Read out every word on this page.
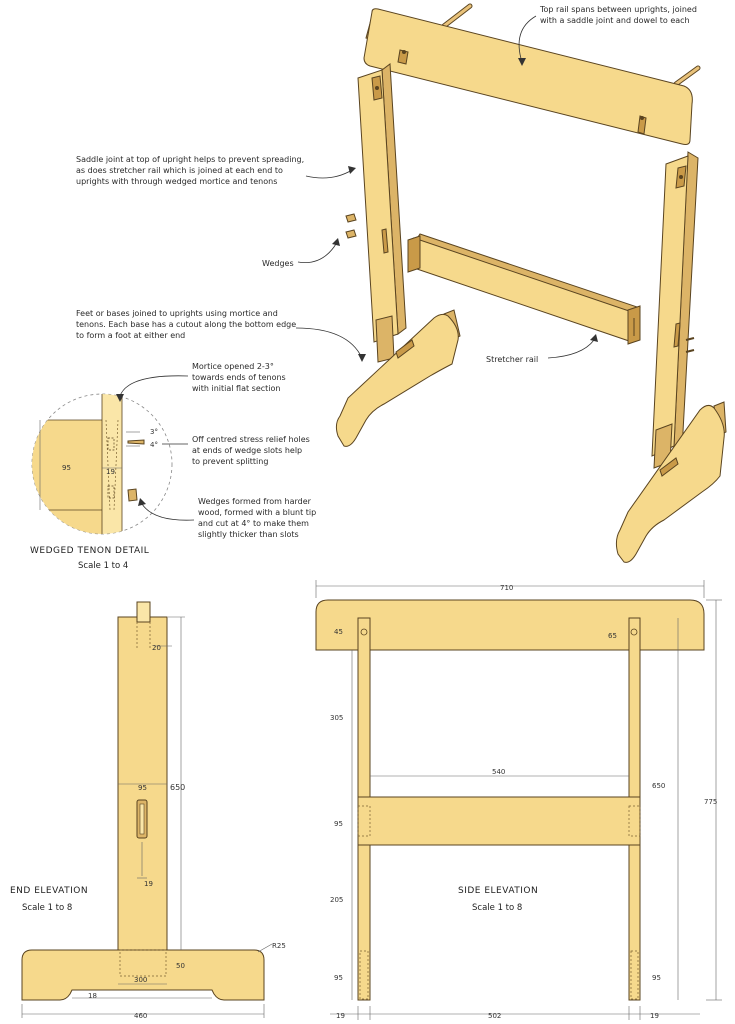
Top rail spans between uprights, joined
with a saddle joint and dowel to each
Saddle joint at top of upright helps to prevent spreading,
as does stretcher rail which is joined at each end to
uprights with through wedged mortice and tenons
Wedges
Feet or bases joined to uprights using mortice and
tenons. Each base has a cutout along the bottom edge
to form a foot at either end
Stretcher rail
3°
4°
95	19
Mortice opened 2-3°
towards ends of tenons
with initial flat section
Off centred stress relief holes
at ends of wedge slots help
to prevent splitting
Wedges formed from harder
wood, formed with a blunt tip
and cut at 4° to make them
slightly thicker than slots
WEDGED TENON DETAIL
Scale 1 to 4
20
650
95
19
R25
50
300
18
460
END ELEVATION
Scale 1 to 8
710
540
45	65
305
95
205
95
650
95
775
19	502	19
SIDE ELEVATION
Scale 1 to 8
